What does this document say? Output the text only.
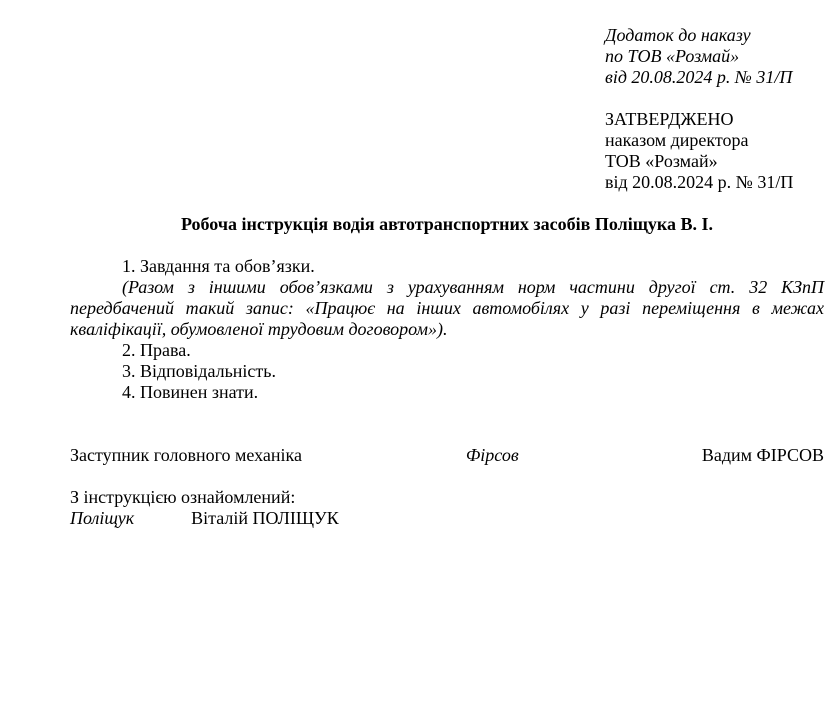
Додаток до наказу
по ТОВ «Розмай»
від 20.08.2024 р. № 31/П
ЗАТВЕРДЖЕНО
наказом директора
ТОВ «Розмай»
від 20.08.2024 р. № 31/П
Робоча інструкція водія автотранспортних засобів Поліщука В. І.
1. Завдання та обов’язки.
(Разом з іншими обов’язками з урахуванням норм частини другої ст. 32 КЗпП передбачений такий запис: «Працює на інших автомобілях у разі переміщення в межах кваліфікації, обумовленої трудовим договором»).
2. Права.
3. Відповідальність.
4. Повинен знати.
Заступник головного механіка	Фірсов	Вадим ФІРСОВ
З інструкцією ознайомлений:
Поліщук	Віталій ПОЛІЩУК
